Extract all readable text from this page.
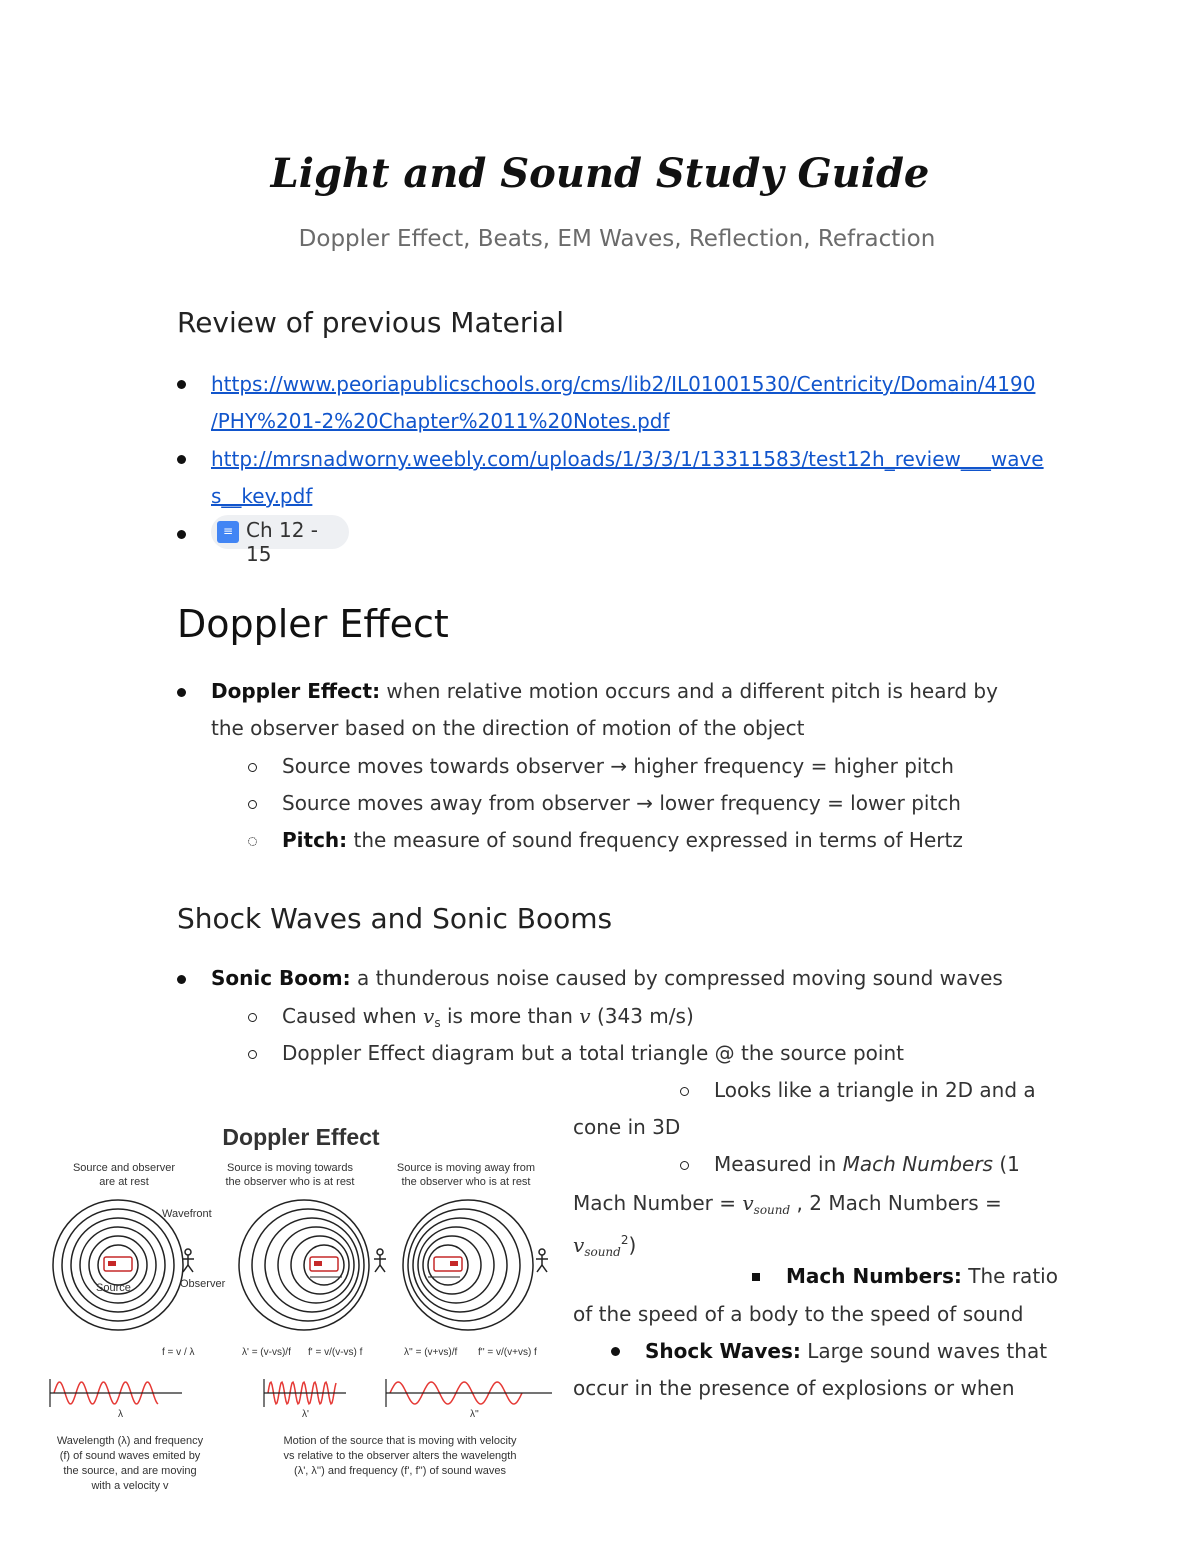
Light and Sound Study Guide
Doppler Effect, Beats, EM Waves, Reflection, Refraction
Review of previous Material
https://www.peoriapublicschools.org/cms/lib2/IL01001530/Centricity/Domain/4190
/PHY%201-2%20Chapter%2011%20Notes.pdf
http://mrsnadworny.weebly.com/uploads/1/3/3/1/13311583/test12h_review___wave
s__key.pdf
≡ Ch 12 - 15
Doppler Effect
Doppler Effect: when relative motion occurs and a different pitch is heard by
the observer based on the direction of motion of the object
Source moves towards observer → higher frequency = higher pitch
Source moves away from observer → lower frequency = lower pitch
Pitch: the measure of sound frequency expressed in terms of Hertz
Shock Waves and Sonic Booms
Sonic Boom: a thunderous noise caused by compressed moving sound waves
Caused when $v_s$ is more than v (343 m/s)
Doppler Effect diagram but a total triangle @ the source point
Looks like a triangle in 2D and a
cone in 3D
Measured in Mach Numbers (1
Mach Number = $v_{sound}$ , 2 Mach Numbers =
$v_{sound}^2$)
Mach Numbers: The ratio
of the speed of a body to the speed of sound
Shock Waves: Large sound waves that
occur in the presence of explosions or when
Doppler Effect
Source and observer
are at rest
Source is moving towards
the observer who is at rest
Source is moving away from
the observer who is at rest
Wavefront
Source	Observer
f = v / λ	λ' = (v-vs)/f f' = v/(v-vs) f	λ'' = (v+vs)/f f'' = v/(v+vs) f
λ	λ'	λ''
Wavelength (λ) and frequency
(f) of sound waves emited by
the source, and are moving
with a velocity v
Motion of the source that is moving with velocity
vs relative to the observer alters the wavelength
(λ', λ'') and frequency (f', f'') of sound waves
